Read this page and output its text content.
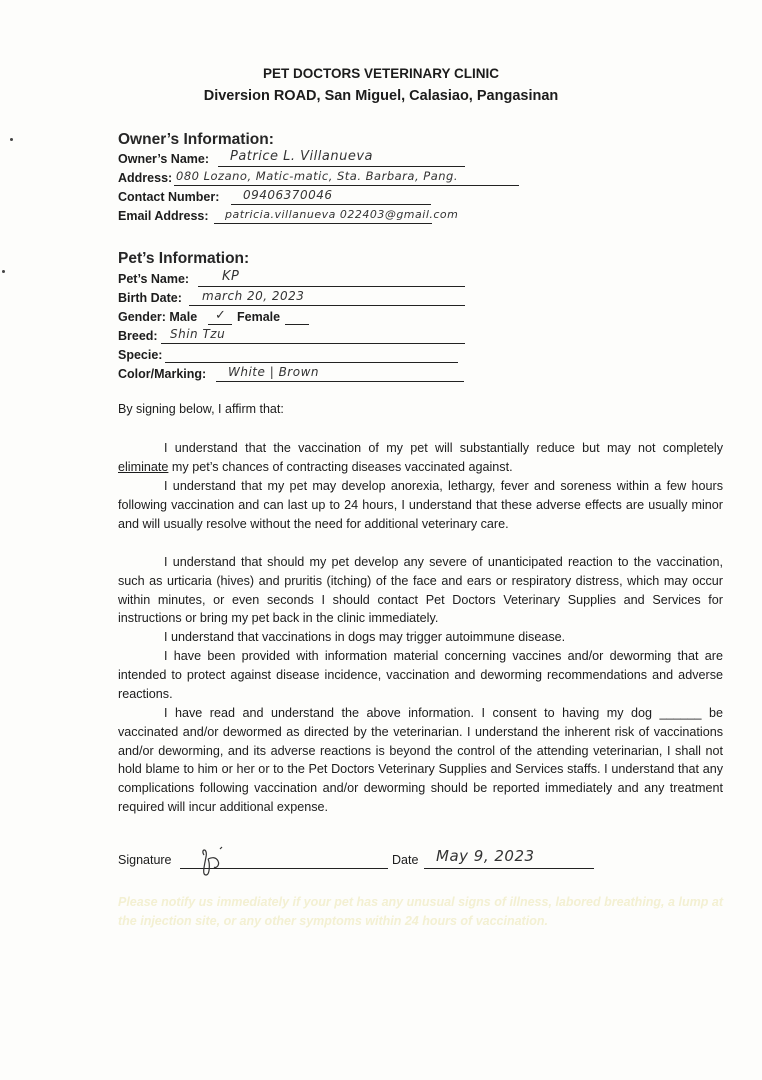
PET DOCTORS VETERINARY CLINIC
Diversion ROAD, San Miguel, Calasiao, Pangasinan
Owner’s Information:
Owner’s Name: Patrice L. Villanueva
Address: 080 Lozano, Matic-matic, Sta. Barbara, Pang.
Contact Number: 09406370046
Email Address: patricia.villanueva 022403@gmail.com
Pet’s Information:
Pet’s Name:	KP
Birth Date: march 20, 2023
Gender: Male ✓ Female
Breed: Shin Tzu
Specie:
Color/Marking: White | Brown
By signing below, I affirm that:
I understand that the vaccination of my pet will substantially reduce but may not completely eliminate my pet’s chances of contracting diseases vaccinated against.
I understand that my pet may develop anorexia, lethargy, fever and soreness within a few hours following vaccination and can last up to 24 hours, I understand that these adverse effects are usually minor and will usually resolve without the need for additional veterinary care.
I understand that should my pet develop any severe of unanticipated reaction to the vaccination, such as urticaria (hives) and pruritis (itching) of the face and ears or respiratory distress, which may occur within minutes, or even seconds I should contact Pet Doctors Veterinary Supplies and Services for instructions or bring my pet back in the clinic immediately.
I understand that vaccinations in dogs may trigger autoimmune disease.
I have been provided with information material concerning vaccines and/or deworming that are intended to protect against disease incidence, vaccination and deworming recommendations and adverse reactions.
I have read and understand the above information. I consent to having my dog ______ be vaccinated and/or dewormed as directed by the veterinarian. I understand the inherent risk of vaccinations and/or deworming, and its adverse reactions is beyond the control of the attending veterinarian, I shall not hold blame to him or her or to the Pet Doctors Veterinary Supplies and Services staffs. I understand that any complications following vaccination and/or deworming should be reported immediately and any treatment required will incur additional expense.
Signature	Date May 9, 2023
Please notify us immediately if your pet has any unusual signs of illness, labored breathing, a lump at the injection site, or any other symptoms within 24 hours of vaccination.
